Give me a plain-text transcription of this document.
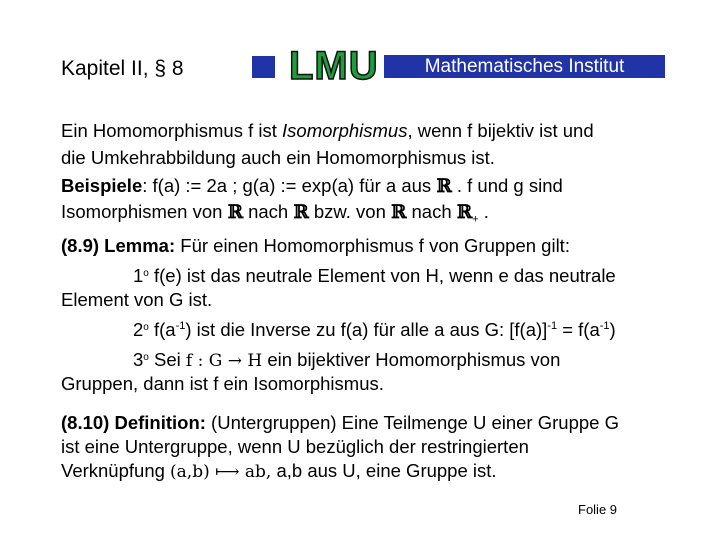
Kapitel II, § 8	LMU	Mathematisches Institut
Ein Homomorphismus f ist Isomorphismus, wenn f bijektiv ist und
die Umkehrabbildung auch ein Homomorphismus ist.
Beispiele: f(a) := 2a ; g(a) := exp(a) für a aus ℝ . f und g sind
Isomorphismen von ℝ nach ℝ bzw. von ℝ nach ℝ$_+$ .
(8.9) Lemma: Für einen Homomorphismus f von Gruppen gilt:
1$^o$ f(e) ist das neutrale Element von H, wenn e das neutrale
Element von G ist.
2$^o$ $f(a^{-1})$ ist die Inverse zu f(a) für alle a aus G: $[f(a)]^{-1} = f(a^{-1})$
3$^o$ Sei f : G → H ein bijektiver Homomorphismus von
Gruppen, dann ist f ein Isomorphismus.
(8.10) Definition: (Untergruppen) Eine Teilmenge U einer Gruppe G
ist eine Untergruppe, wenn U bezüglich der restringierten
Verknüpfung (a,b) ⟼ ab, a,b aus U, eine Gruppe ist.
Folie 9
